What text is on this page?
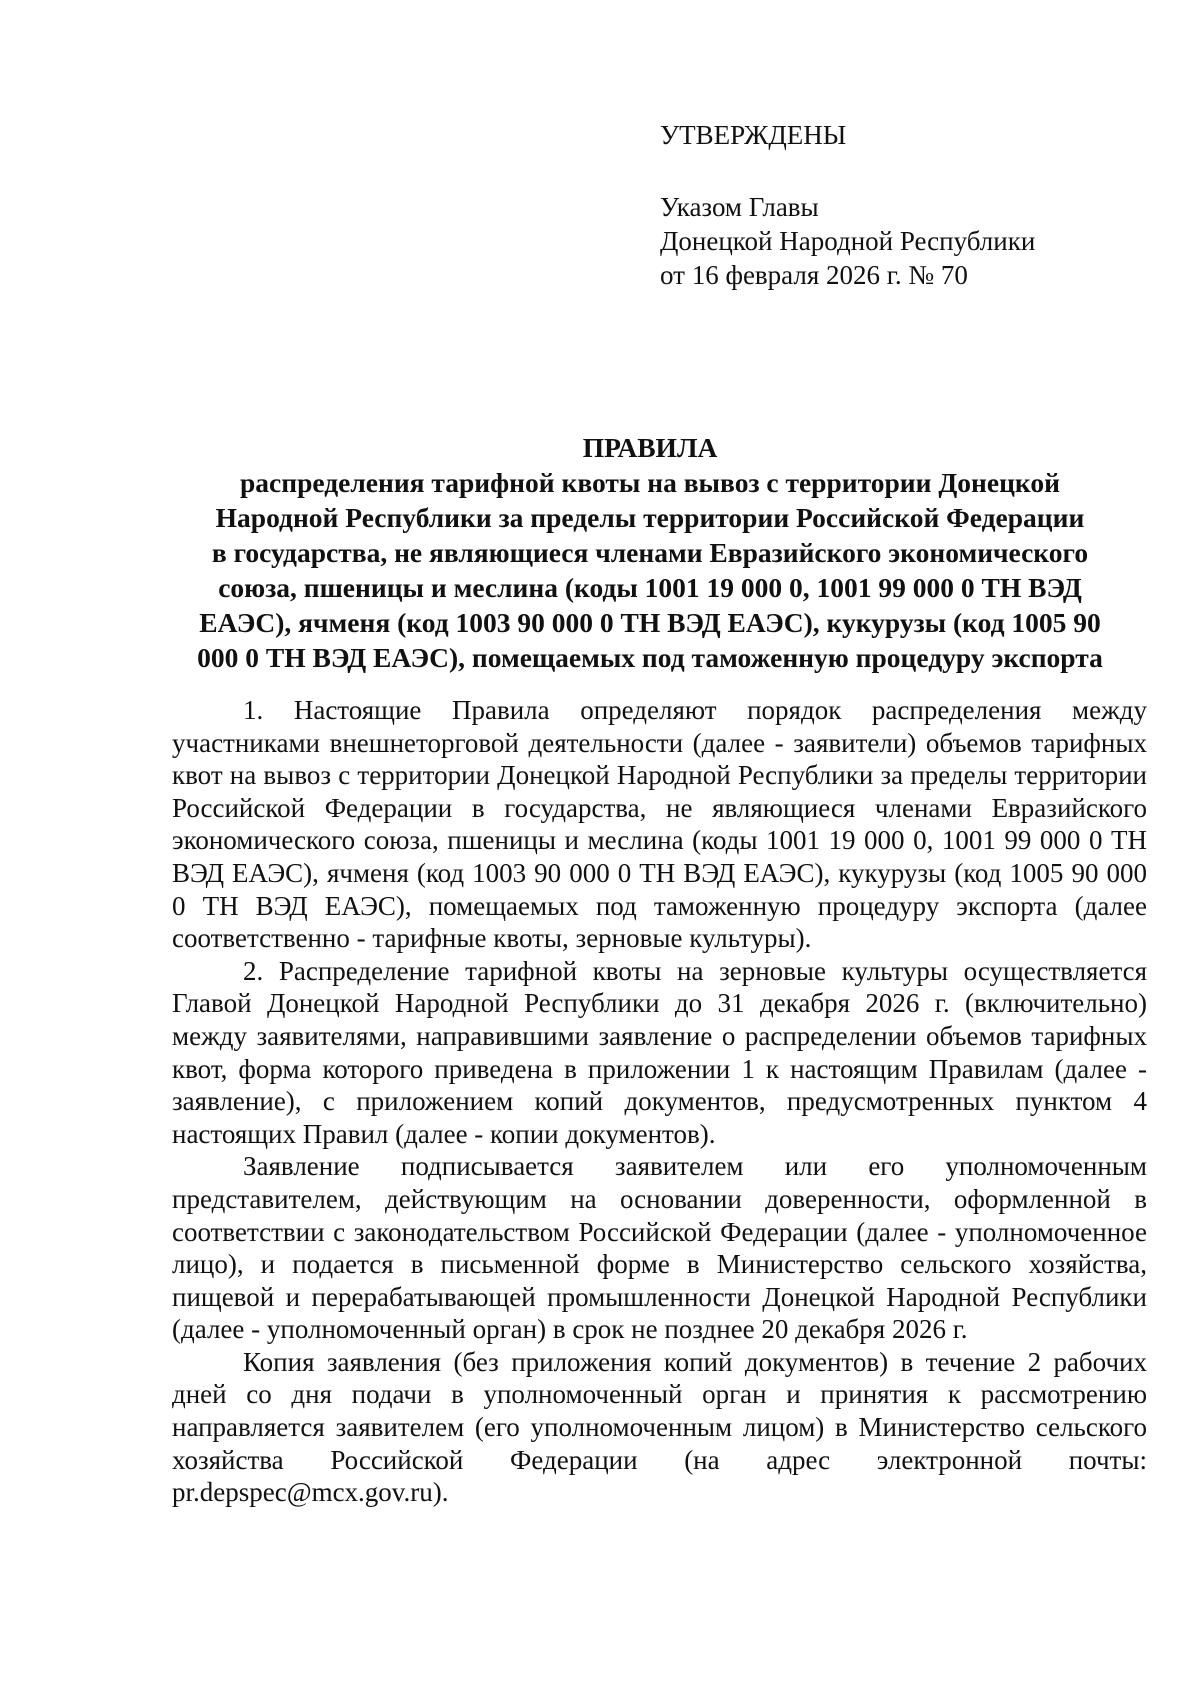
УТВЕРЖДЕНЫ
Указом Главы
Донецкой Народной Республики
от 16 февраля 2026 г. № 70
ПРАВИЛА
распределения тарифной квоты на вывоз с территории Донецкой
Народной Республики за пределы территории Российской Федерации
в государства, не являющиеся членами Евразийского экономического
союза, пшеницы и меслина (коды 1001 19 000 0, 1001 99 000 0 ТН ВЭД
ЕАЭС), ячменя (код 1003 90 000 0 ТН ВЭД ЕАЭС), кукурузы (код 1005 90
000 0 ТН ВЭД ЕАЭС), помещаемых под таможенную процедуру экспорта

1. Настоящие Правила определяют порядок распределения между участниками внешнеторговой деятельности (далее - заявители) объемов тарифных квот на вывоз с территории Донецкой Народной Республики за пределы территории Российской Федерации в государства, не являющиеся членами Евразийского экономического союза, пшеницы и меслина (коды 1001 19 000 0, 1001 99 000 0 ТН ВЭД ЕАЭС), ячменя (код 1003 90 000 0 ТН ВЭД ЕАЭС), кукурузы (код 1005 90 000 0 ТН ВЭД ЕАЭС), помещаемых под таможенную процедуру экспорта (далее соответственно - тарифные квоты, зерновые культуры).

2. Распределение тарифной квоты на зерновые культуры осуществляется Главой Донецкой Народной Республики до 31 декабря 2026 г. (включительно) между заявителями, направившими заявление о распределении объемов тарифных квот, форма которого приведена в приложении 1 к настоящим Правилам (далее - заявление), с приложением копий документов, предусмотренных пунктом 4 настоящих Правил (далее - копии документов).

Заявление подписывается заявителем или его уполномоченным представителем, действующим на основании доверенности, оформленной в соответствии с законодательством Российской Федерации (далее - уполномоченное лицо), и подается в письменной форме в Министерство сельского хозяйства, пищевой и перерабатывающей промышленности Донецкой Народной Республики (далее - уполномоченный орган) в срок не позднее 20 декабря 2026 г.

Копия заявления (без приложения копий документов) в течение 2 рабочих дней со дня подачи в уполномоченный орган и принятия к рассмотрению направляется заявителем (его уполномоченным лицом) в Министерство сельского хозяйства Российской Федерации (на адрес электронной почты: pr.depspec@mcx.gov.ru).
